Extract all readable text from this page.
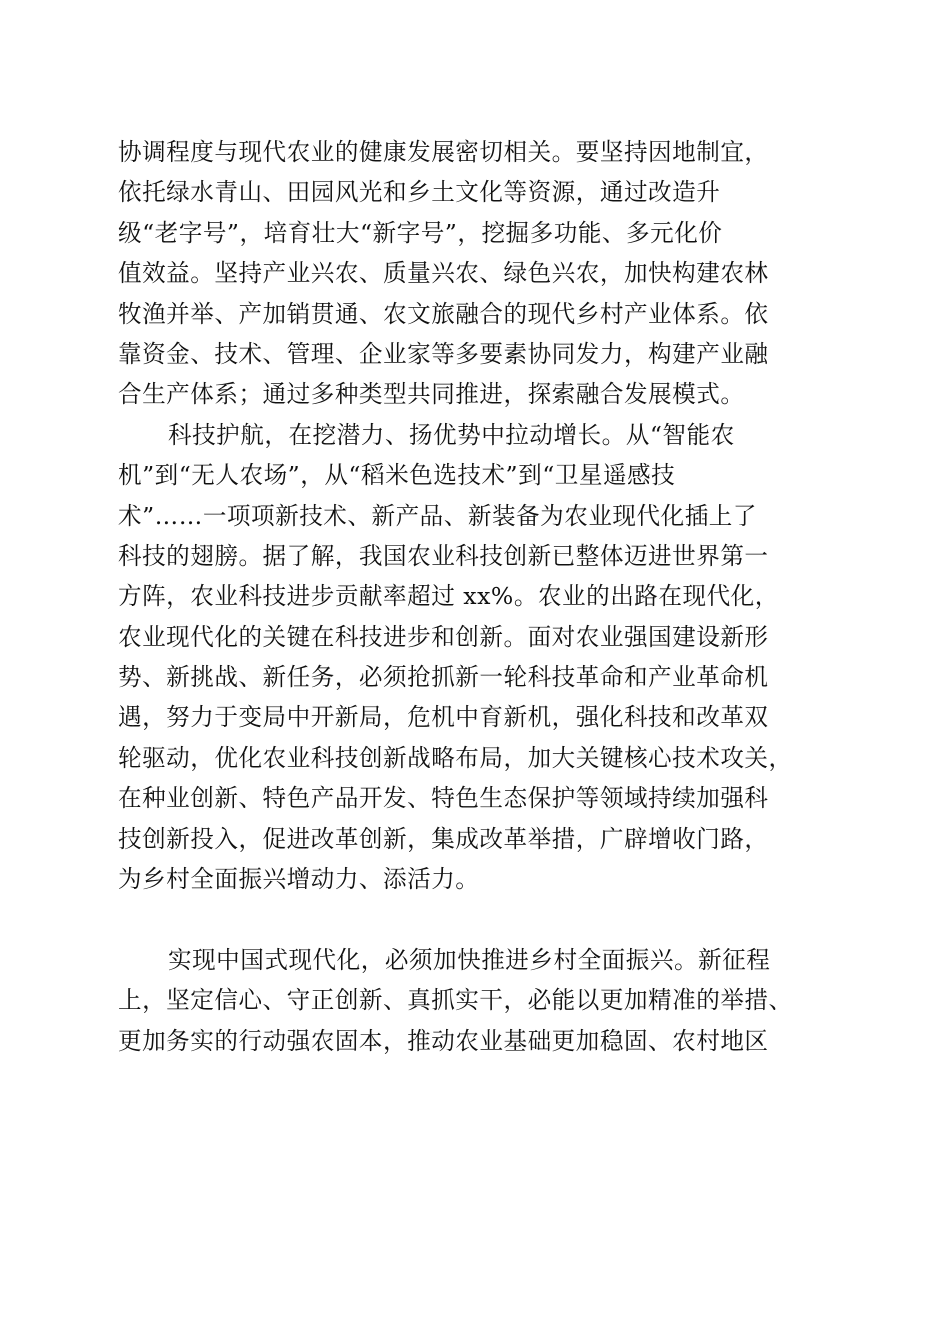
协调程度与现代农业的健康发展密切相关。要坚持因地制宜，
依托绿水青山、田园风光和乡土文化等资源，通过改造升
级“老字号”，培育壮大“新字号”，挖掘多功能、多元化价
值效益。坚持产业兴农、质量兴农、绿色兴农，加快构建农林
牧渔并举、产加销贯通、农文旅融合的现代乡村产业体系。依
靠资金、技术、管理、企业家等多要素协同发力，构建产业融
合生产体系；通过多种类型共同推进，探索融合发展模式。
科技护航，在挖潜力、扬优势中拉动增长。从“智能农
机”到“无人农场”，从“稻米色选技术”到“卫星遥感技
术”……一项项新技术、新产品、新装备为农业现代化插上了
科技的翅膀。据了解，我国农业科技创新已整体迈进世界第一
方阵，农业科技进步贡献率超过 xx%。农业的出路在现代化，
农业现代化的关键在科技进步和创新。面对农业强国建设新形
势、新挑战、新任务，必须抢抓新一轮科技革命和产业革命机
遇，努力于变局中开新局，危机中育新机，强化科技和改革双
轮驱动，优化农业科技创新战略布局，加大关键核心技术攻关，
在种业创新、特色产品开发、特色生态保护等领域持续加强科
技创新投入，促进改革创新，集成改革举措，广辟增收门路，
为乡村全面振兴增动力、添活力。
实现中国式现代化，必须加快推进乡村全面振兴。新征程
上，坚定信心、守正创新、真抓实干，必能以更加精准的举措、
更加务实的行动强农固本，推动农业基础更加稳固、农村地区
